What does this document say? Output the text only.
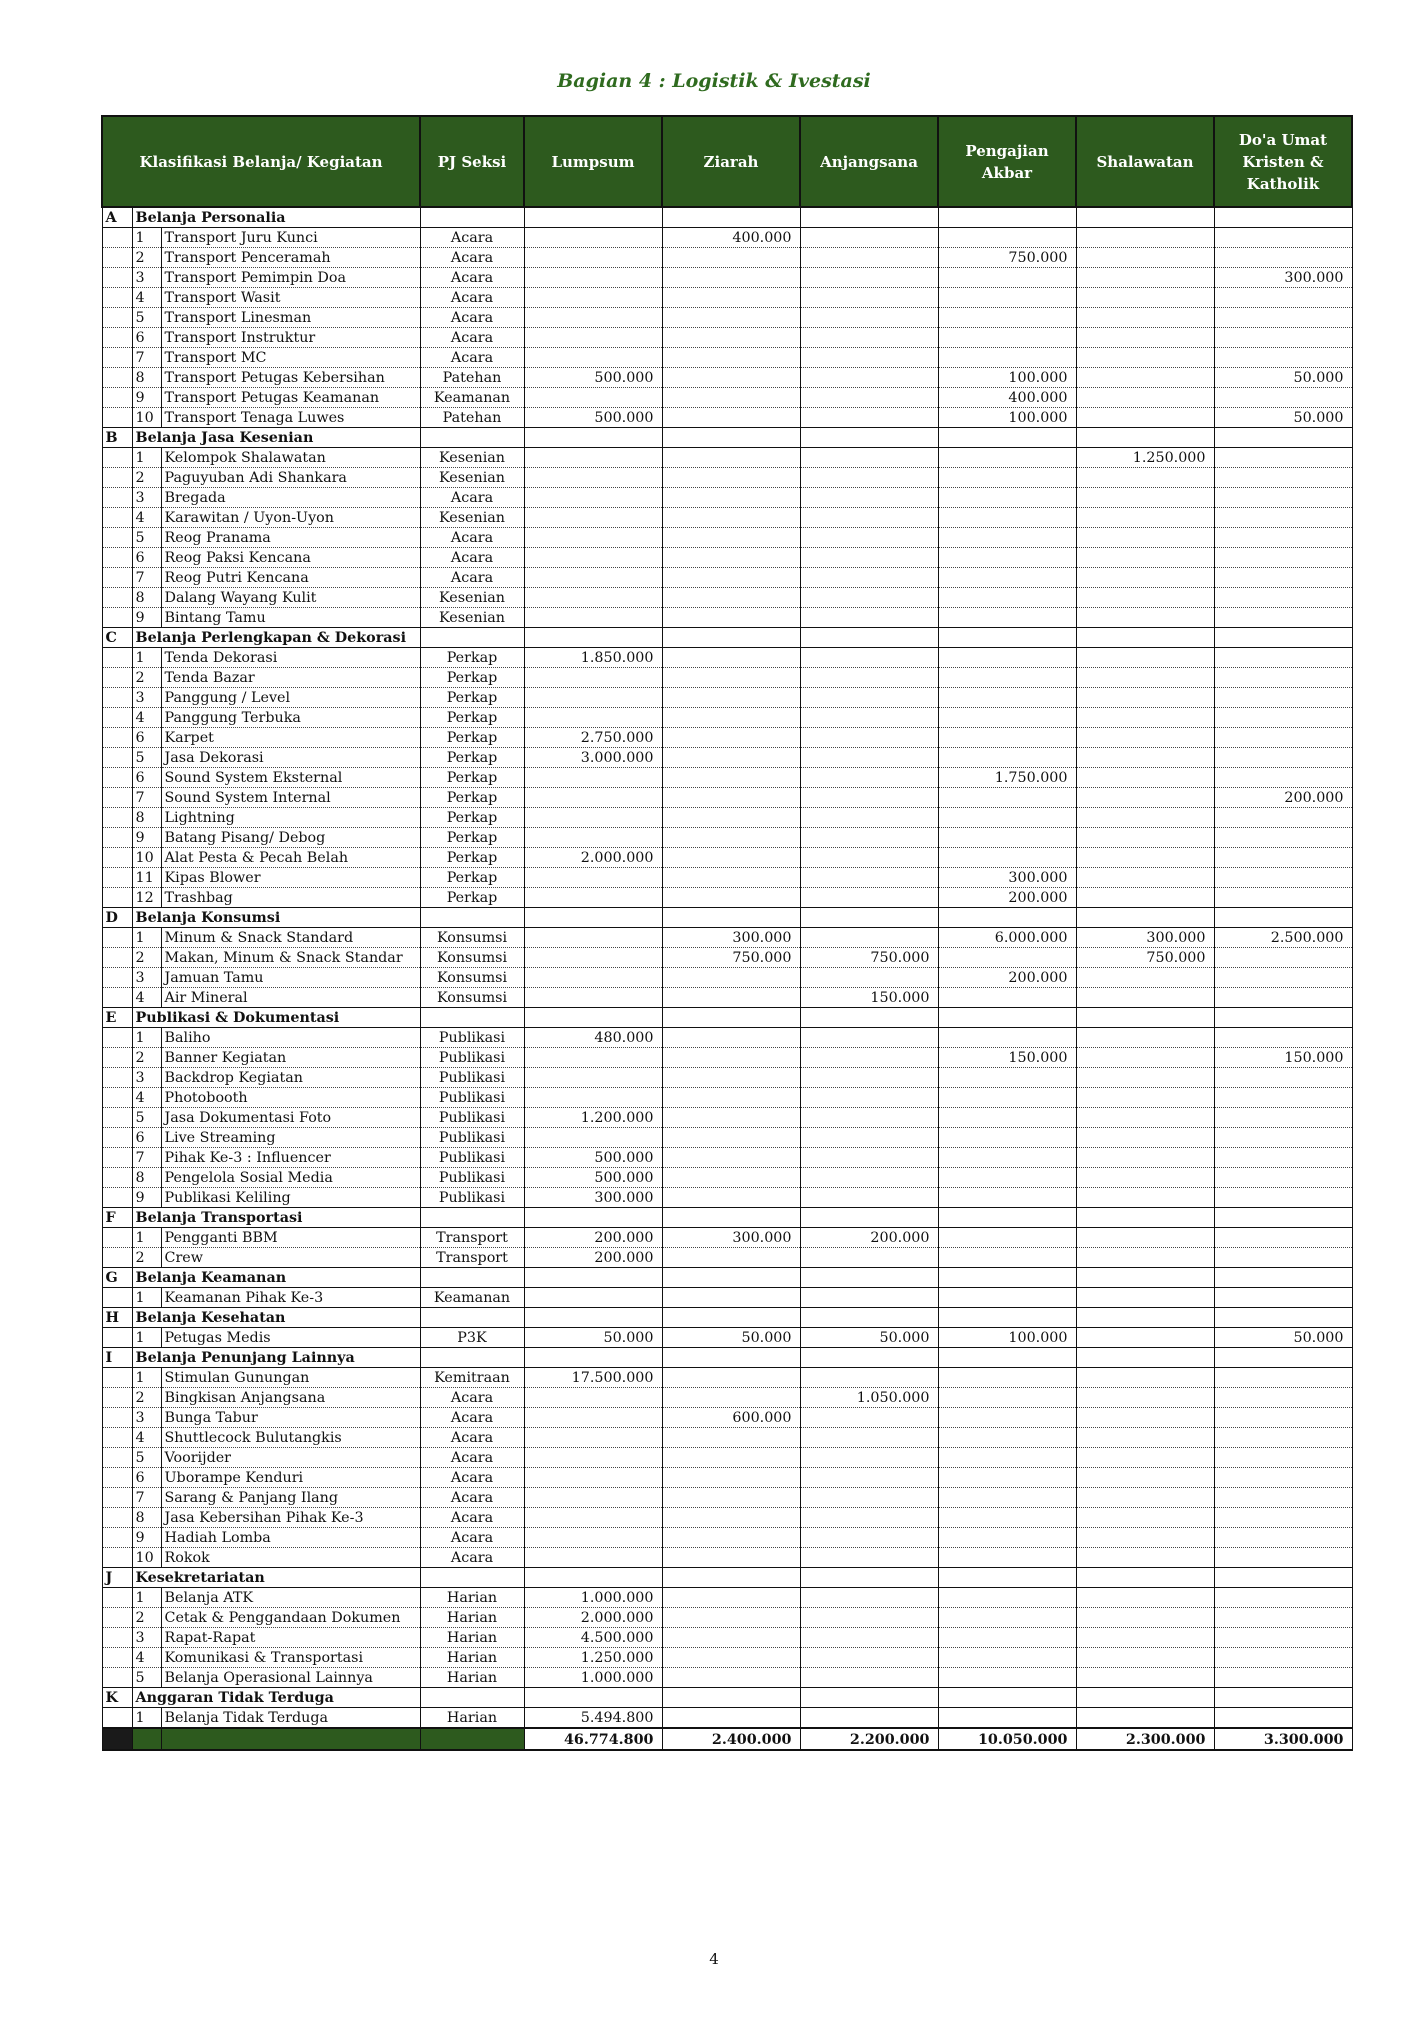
Bagian 4 : Logistik & Ivestasi
Klasifikasi Belanja/ Kegiatan			PJ Seksi	Lumpsum	Ziarah	Anjangsana	Pengajian Akbar	Shalawatan	Do'a Umat Kristen & Katholik
A	Belanja Personalia								
	1	Transport Juru Kunci	Acara		400.000				
	2	Transport Penceramah	Acara				750.000		
	3	Transport Pemimpin Doa	Acara						300.000
	4	Transport Wasit	Acara						
	5	Transport Linesman	Acara						
	6	Transport Instruktur	Acara						
	7	Transport MC	Acara						
	8	Transport Petugas Kebersihan	Patehan	500.000			100.000		50.000
	9	Transport Petugas Keamanan	Keamanan				400.000		
	10	Transport Tenaga Luwes	Patehan	500.000			100.000		50.000
B	Belanja Jasa Kesenian								
	1	Kelompok Shalawatan	Kesenian					1.250.000	
	2	Paguyuban Adi Shankara	Kesenian						
	3	Bregada	Acara						
	4	Karawitan / Uyon-Uyon	Kesenian						
	5	Reog Pranama	Acara						
	6	Reog Paksi Kencana	Acara						
	7	Reog Putri Kencana	Acara						
	8	Dalang Wayang Kulit	Kesenian						
	9	Bintang Tamu	Kesenian						
C	Belanja Perlengkapan & Dekorasi								
	1	Tenda Dekorasi	Perkap	1.850.000					
	2	Tenda Bazar	Perkap						
	3	Panggung / Level	Perkap						
	4	Panggung Terbuka	Perkap						
	6	Karpet	Perkap	2.750.000					
	5	Jasa Dekorasi	Perkap	3.000.000					
	6	Sound System Eksternal	Perkap				1.750.000		
	7	Sound System Internal	Perkap						200.000
	8	Lightning	Perkap						
	9	Batang Pisang/ Debog	Perkap						
	10	Alat Pesta & Pecah Belah	Perkap	2.000.000					
	11	Kipas Blower	Perkap				300.000		
	12	Trashbag	Perkap				200.000		
D	Belanja Konsumsi								
	1	Minum & Snack Standard	Konsumsi		300.000		6.000.000	300.000	2.500.000
	2	Makan, Minum & Snack Standar	Konsumsi		750.000	750.000		750.000	
	3	Jamuan Tamu	Konsumsi				200.000		
	4	Air Mineral	Konsumsi			150.000			
E	Publikasi & Dokumentasi								
	1	Baliho	Publikasi	480.000					
	2	Banner Kegiatan	Publikasi				150.000		150.000
	3	Backdrop Kegiatan	Publikasi						
	4	Photobooth	Publikasi						
	5	Jasa Dokumentasi Foto	Publikasi	1.200.000					
	6	Live Streaming	Publikasi						
	7	Pihak Ke-3 : Influencer	Publikasi	500.000					
	8	Pengelola Sosial Media	Publikasi	500.000					
	9	Publikasi Keliling	Publikasi	300.000					
F	Belanja Transportasi								
	1	Pengganti BBM	Transport	200.000	300.000	200.000			
	2	Crew	Transport	200.000					
G	Belanja Keamanan								
	1	Keamanan Pihak Ke-3	Keamanan						
H	Belanja Kesehatan								
	1	Petugas Medis	P3K	50.000	50.000	50.000	100.000		50.000
I	Belanja Penunjang Lainnya								
	1	Stimulan Gunungan	Kemitraan	17.500.000					
	2	Bingkisan Anjangsana	Acara			1.050.000			
	3	Bunga Tabur	Acara		600.000				
	4	Shuttlecock Bulutangkis	Acara						
	5	Voorijder	Acara						
	6	Uborampe Kenduri	Acara						
	7	Sarang & Panjang Ilang	Acara						
	8	Jasa Kebersihan Pihak Ke-3	Acara						
	9	Hadiah Lomba	Acara						
	10	Rokok	Acara						
J	Kesekretariatan								
	1	Belanja ATK	Harian	1.000.000					
	2	Cetak & Penggandaan Dokumen	Harian	2.000.000					
	3	Rapat-Rapat	Harian	4.500.000					
	4	Komunikasi & Transportasi	Harian	1.250.000					
	5	Belanja Operasional Lainnya	Harian	1.000.000					
K	Anggaran Tidak Terduga								
	1	Belanja Tidak Terduga	Harian	5.494.800					
				46.774.800	2.400.000	2.200.000	10.050.000	2.300.000	3.300.000
4
